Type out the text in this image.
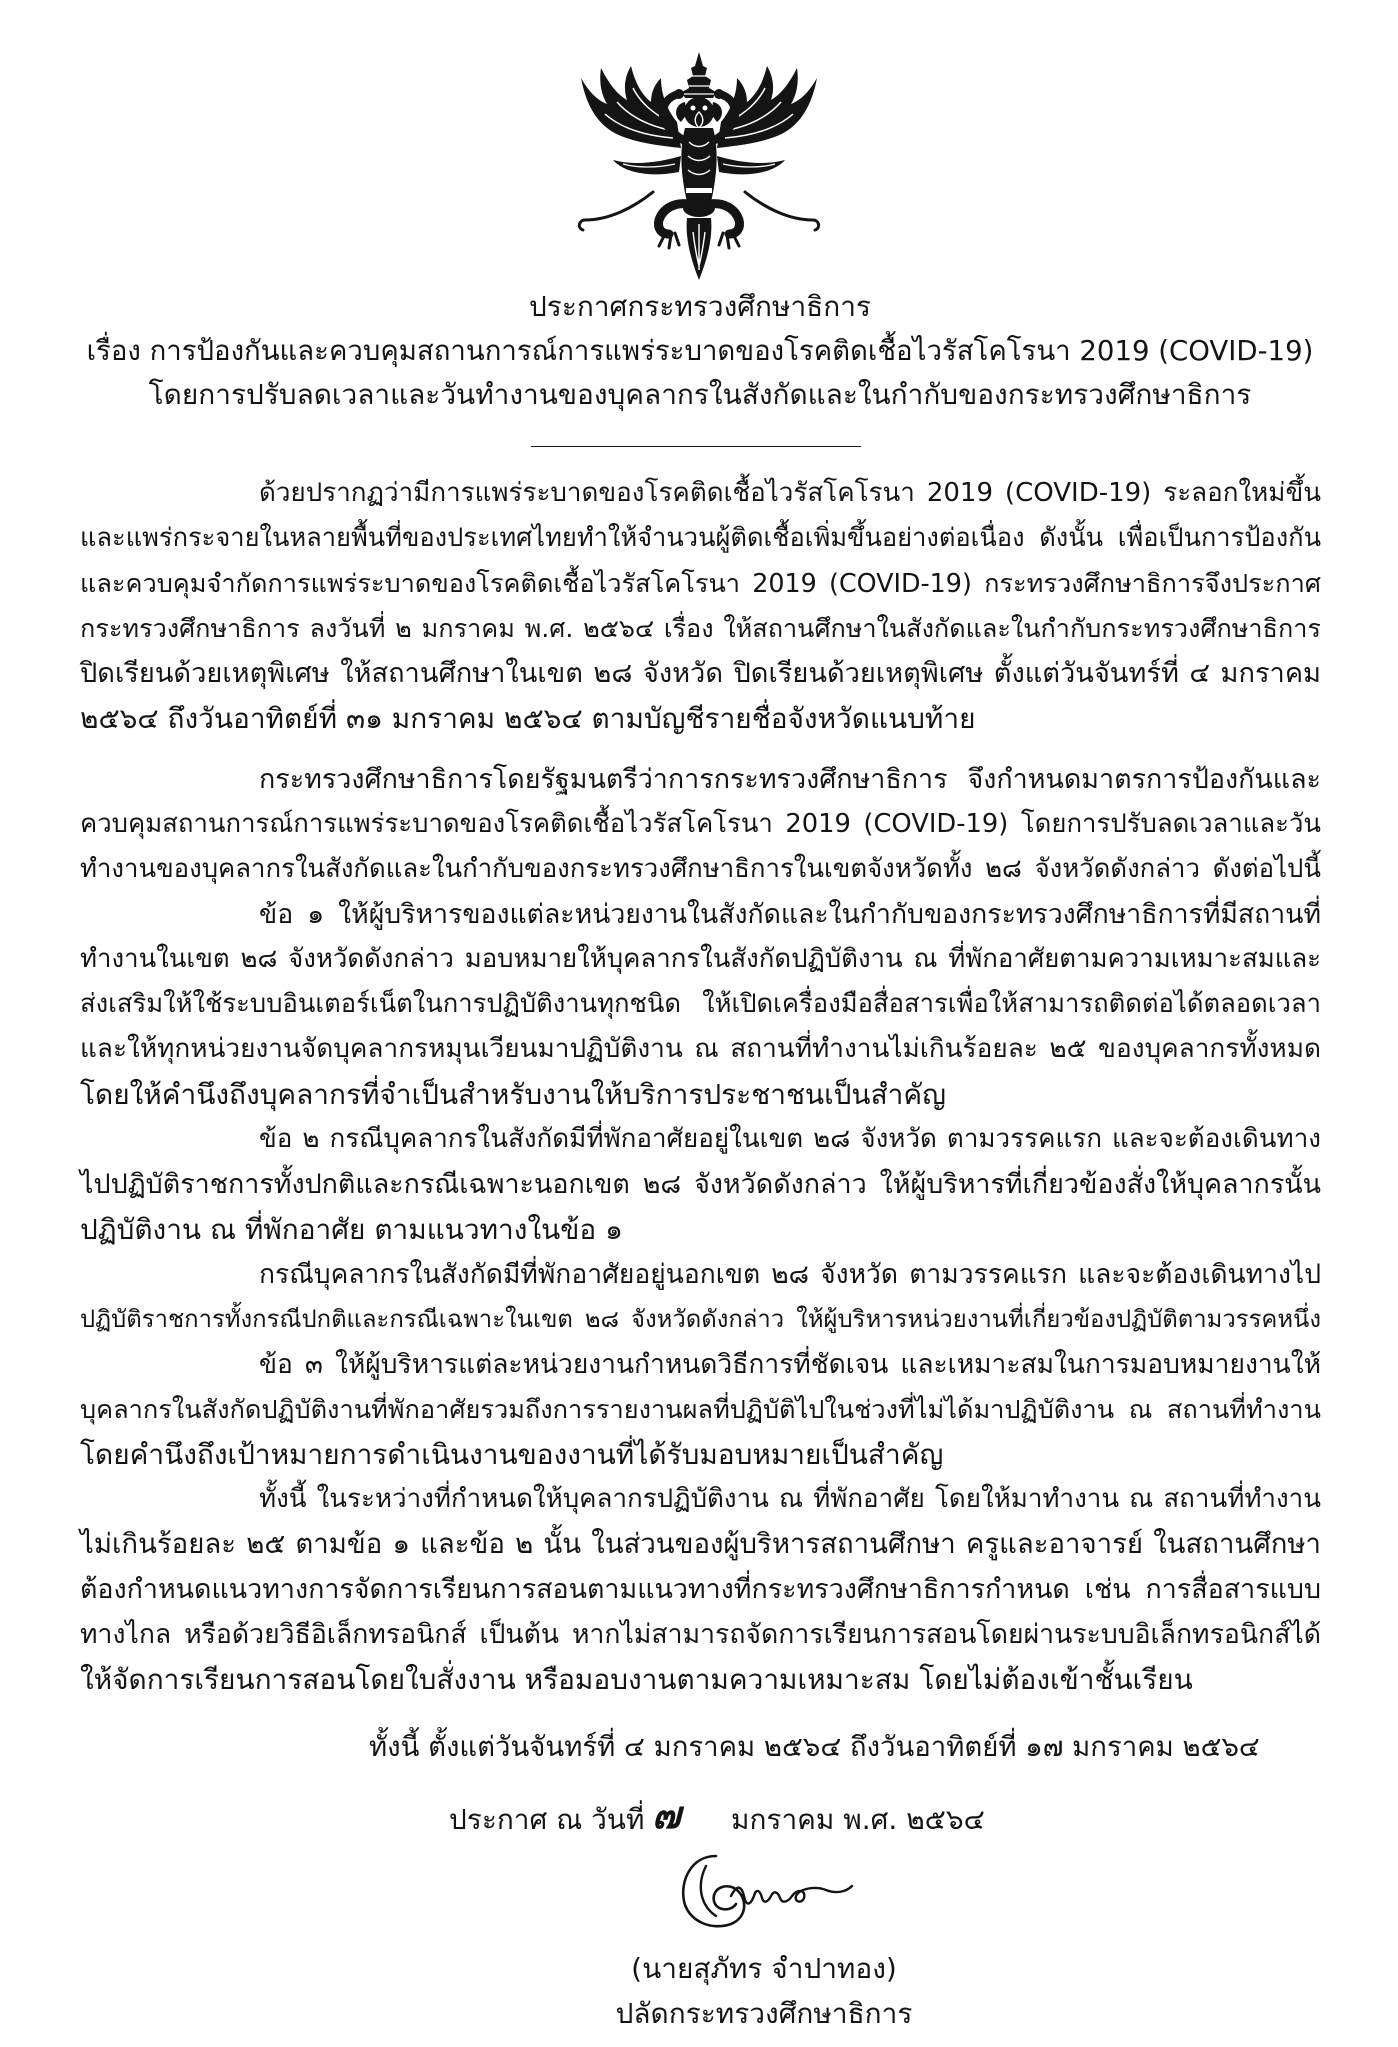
ประกาศกระทรวงศึกษาธิการ
เรื่อง การป้องกันและควบคุมสถานการณ์การแพร่ระบาดของโรคติดเชื้อไวรัสโคโรนา 2019 (COVID-19)
โดยการปรับลดเวลาและวันทำงานของบุคลากรในสังกัดและในกำกับของกระทรวงศึกษาธิการ
ด้วยปรากฏว่ามีการแพร่ระบาดของโรคติดเชื้อไวรัสโคโรนา 2019 (COVID-19) ระลอกใหม่ขึ้น
และแพร่กระจายในหลายพื้นที่ของประเทศไทยทำให้จำนวนผู้ติดเชื้อเพิ่มขึ้นอย่างต่อเนื่อง ดังนั้น เพื่อเป็นการป้องกัน
และควบคุมจำกัดการแพร่ระบาดของโรคติดเชื้อไวรัสโคโรนา 2019 (COVID-19) กระทรวงศึกษาธิการจึงประกาศ
กระทรวงศึกษาธิการ ลงวันที่ ๒ มกราคม พ.ศ. ๒๕๖๔ เรื่อง ให้สถานศึกษาในสังกัดและในกำกับกระทรวงศึกษาธิการ
ปิดเรียนด้วยเหตุพิเศษ ให้สถานศึกษาในเขต ๒๘ จังหวัด ปิดเรียนด้วยเหตุพิเศษ ตั้งแต่วันจันทร์ที่ ๔ มกราคม
๒๕๖๔ ถึงวันอาทิตย์ที่ ๓๑ มกราคม ๒๕๖๔ ตามบัญชีรายชื่อจังหวัดแนบท้าย
กระทรวงศึกษาธิการโดยรัฐมนตรีว่าการกระทรวงศึกษาธิการ จึงกำหนดมาตรการป้องกันและ
ควบคุมสถานการณ์การแพร่ระบาดของโรคติดเชื้อไวรัสโคโรนา 2019 (COVID-19) โดยการปรับลดเวลาและวัน
ทำงานของบุคลากรในสังกัดและในกำกับของกระทรวงศึกษาธิการในเขตจังหวัดทั้ง ๒๘ จังหวัดดังกล่าว ดังต่อไปนี้
ข้อ ๑ ให้ผู้บริหารของแต่ละหน่วยงานในสังกัดและในกำกับของกระทรวงศึกษาธิการที่มีสถานที่
ทำงานในเขต ๒๘ จังหวัดดังกล่าว มอบหมายให้บุคลากรในสังกัดปฏิบัติงาน ณ ที่พักอาศัยตามความเหมาะสมและ
ส่งเสริมให้ใช้ระบบอินเตอร์เน็ตในการปฏิบัติงานทุกชนิด ให้เปิดเครื่องมือสื่อสารเพื่อให้สามารถติดต่อได้ตลอดเวลา
และให้ทุกหน่วยงานจัดบุคลากรหมุนเวียนมาปฏิบัติงาน ณ สถานที่ทำงานไม่เกินร้อยละ ๒๕ ของบุคลากรทั้งหมด
โดยให้คำนึงถึงบุคลากรที่จำเป็นสำหรับงานให้บริการประชาชนเป็นสำคัญ
ข้อ ๒ กรณีบุคลากรในสังกัดมีที่พักอาศัยอยู่ในเขต ๒๘ จังหวัด ตามวรรคแรก และจะต้องเดินทาง
ไปปฏิบัติราชการทั้งปกติและกรณีเฉพาะนอกเขต ๒๘ จังหวัดดังกล่าว ให้ผู้บริหารที่เกี่ยวข้องสั่งให้บุคลากรนั้น
ปฏิบัติงาน ณ ที่พักอาศัย ตามแนวทางในข้อ ๑
กรณีบุคลากรในสังกัดมีที่พักอาศัยอยู่นอกเขต ๒๘ จังหวัด ตามวรรคแรก และจะต้องเดินทางไป
ปฏิบัติราชการทั้งกรณีปกติและกรณีเฉพาะในเขต ๒๘ จังหวัดดังกล่าว ให้ผู้บริหารหน่วยงานที่เกี่ยวข้องปฏิบัติตามวรรคหนึ่ง
ข้อ ๓ ให้ผู้บริหารแต่ละหน่วยงานกำหนดวิธีการที่ชัดเจน และเหมาะสมในการมอบหมายงานให้
บุคลากรในสังกัดปฏิบัติงานที่พักอาศัยรวมถึงการรายงานผลที่ปฏิบัติไปในช่วงที่ไม่ได้มาปฏิบัติงาน ณ สถานที่ทำงาน
โดยคำนึงถึงเป้าหมายการดำเนินงานของงานที่ได้รับมอบหมายเป็นสำคัญ
ทั้งนี้ ในระหว่างที่กำหนดให้บุคลากรปฏิบัติงาน ณ ที่พักอาศัย โดยให้มาทำงาน ณ สถานที่ทำงาน
ไม่เกินร้อยละ ๒๕ ตามข้อ ๑ และข้อ ๒ นั้น ในส่วนของผู้บริหารสถานศึกษา ครูและอาจารย์ ในสถานศึกษา
ต้องกำหนดแนวทางการจัดการเรียนการสอนตามแนวทางที่กระทรวงศึกษาธิการกำหนด เช่น การสื่อสารแบบ
ทางไกล หรือด้วยวิธีอิเล็กทรอนิกส์ เป็นต้น หากไม่สามารถจัดการเรียนการสอนโดยผ่านระบบอิเล็กทรอนิกส์ได้
ให้จัดการเรียนการสอนโดยใบสั่งงาน หรือมอบงานตามความเหมาะสม โดยไม่ต้องเข้าชั้นเรียน
ทั้งนี้ ตั้งแต่วันจันทร์ที่ ๔ มกราคม ๒๕๖๔ ถึงวันอาทิตย์ที่ ๑๗ มกราคม ๒๕๖๔
ประกาศ ณ วันที่ ๗	มกราคม พ.ศ. ๒๕๖๔
(นายสุภัทร จำปาทอง)
ปลัดกระทรวงศึกษาธิการ
